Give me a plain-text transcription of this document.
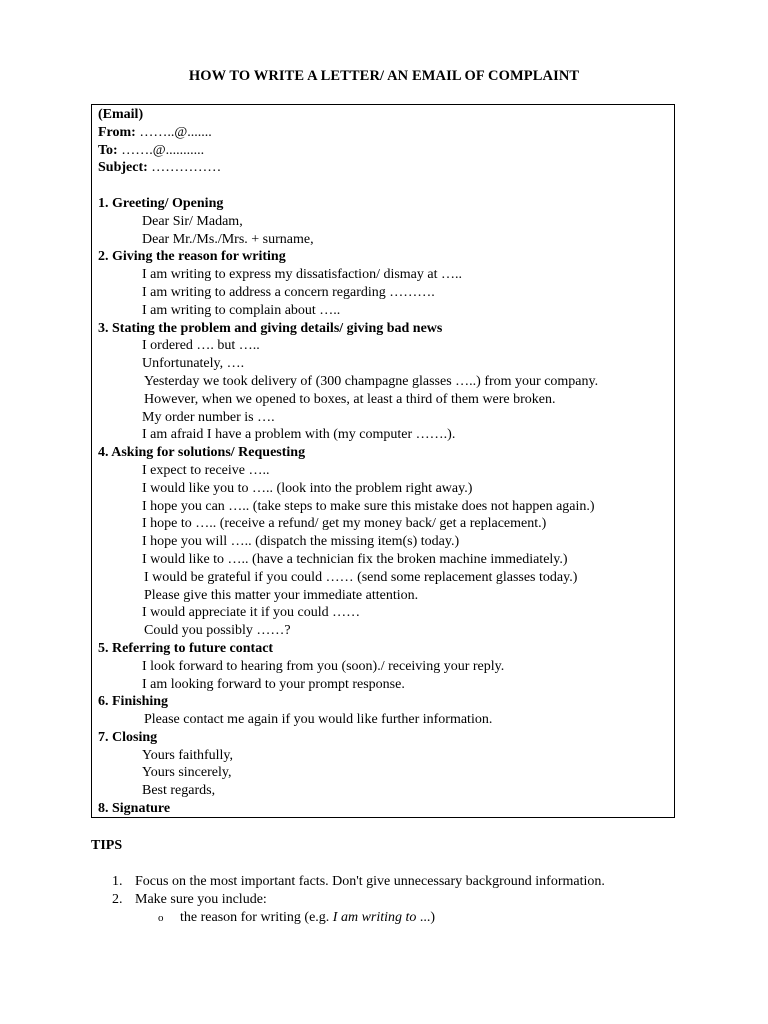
HOW TO WRITE A LETTER/ AN EMAIL OF COMPLAINT
(Email)
From: ……..@.......
To: …….@...........
Subject: ……………
1. Greeting/ Opening
Dear Sir/ Madam,
Dear Mr./Ms./Mrs. + surname,
2. Giving the reason for writing
I am writing to express my dissatisfaction/ dismay at …..
I am writing to address a concern regarding ……….
I am writing to complain about …..
3. Stating the problem and giving details/ giving bad news
I ordered …. but …..
Unfortunately, ….
Yesterday we took delivery of (300 champagne glasses …..) from your company.
However, when we opened to boxes, at least a third of them were broken.
My order number is ….
I am afraid I have a problem with (my computer …….).
4. Asking for solutions/ Requesting
I expect to receive …..
I would like you to ….. (look into the problem right away.)
I hope you can ….. (take steps to make sure this mistake does not happen again.)
I hope to ….. (receive a refund/ get my money back/ get a replacement.)
I hope you will ….. (dispatch the missing item(s) today.)
I would like to ….. (have a technician fix the broken machine immediately.)
I would be grateful if you could …… (send some replacement glasses today.)
Please give this matter your immediate attention.
I would appreciate it if you could ……
Could you possibly ……?
5. Referring to future contact
I look forward to hearing from you (soon)./ receiving your reply.
I am looking forward to your prompt response.
6. Finishing
Please contact me again if you would like further information.
7. Closing
Yours faithfully,
Yours sincerely,
Best regards,
8. Signature
TIPS
1. Focus on the most important facts. Don't give unnecessary background information.
2. Make sure you include:
o the reason for writing (e.g. I am writing to ...)
